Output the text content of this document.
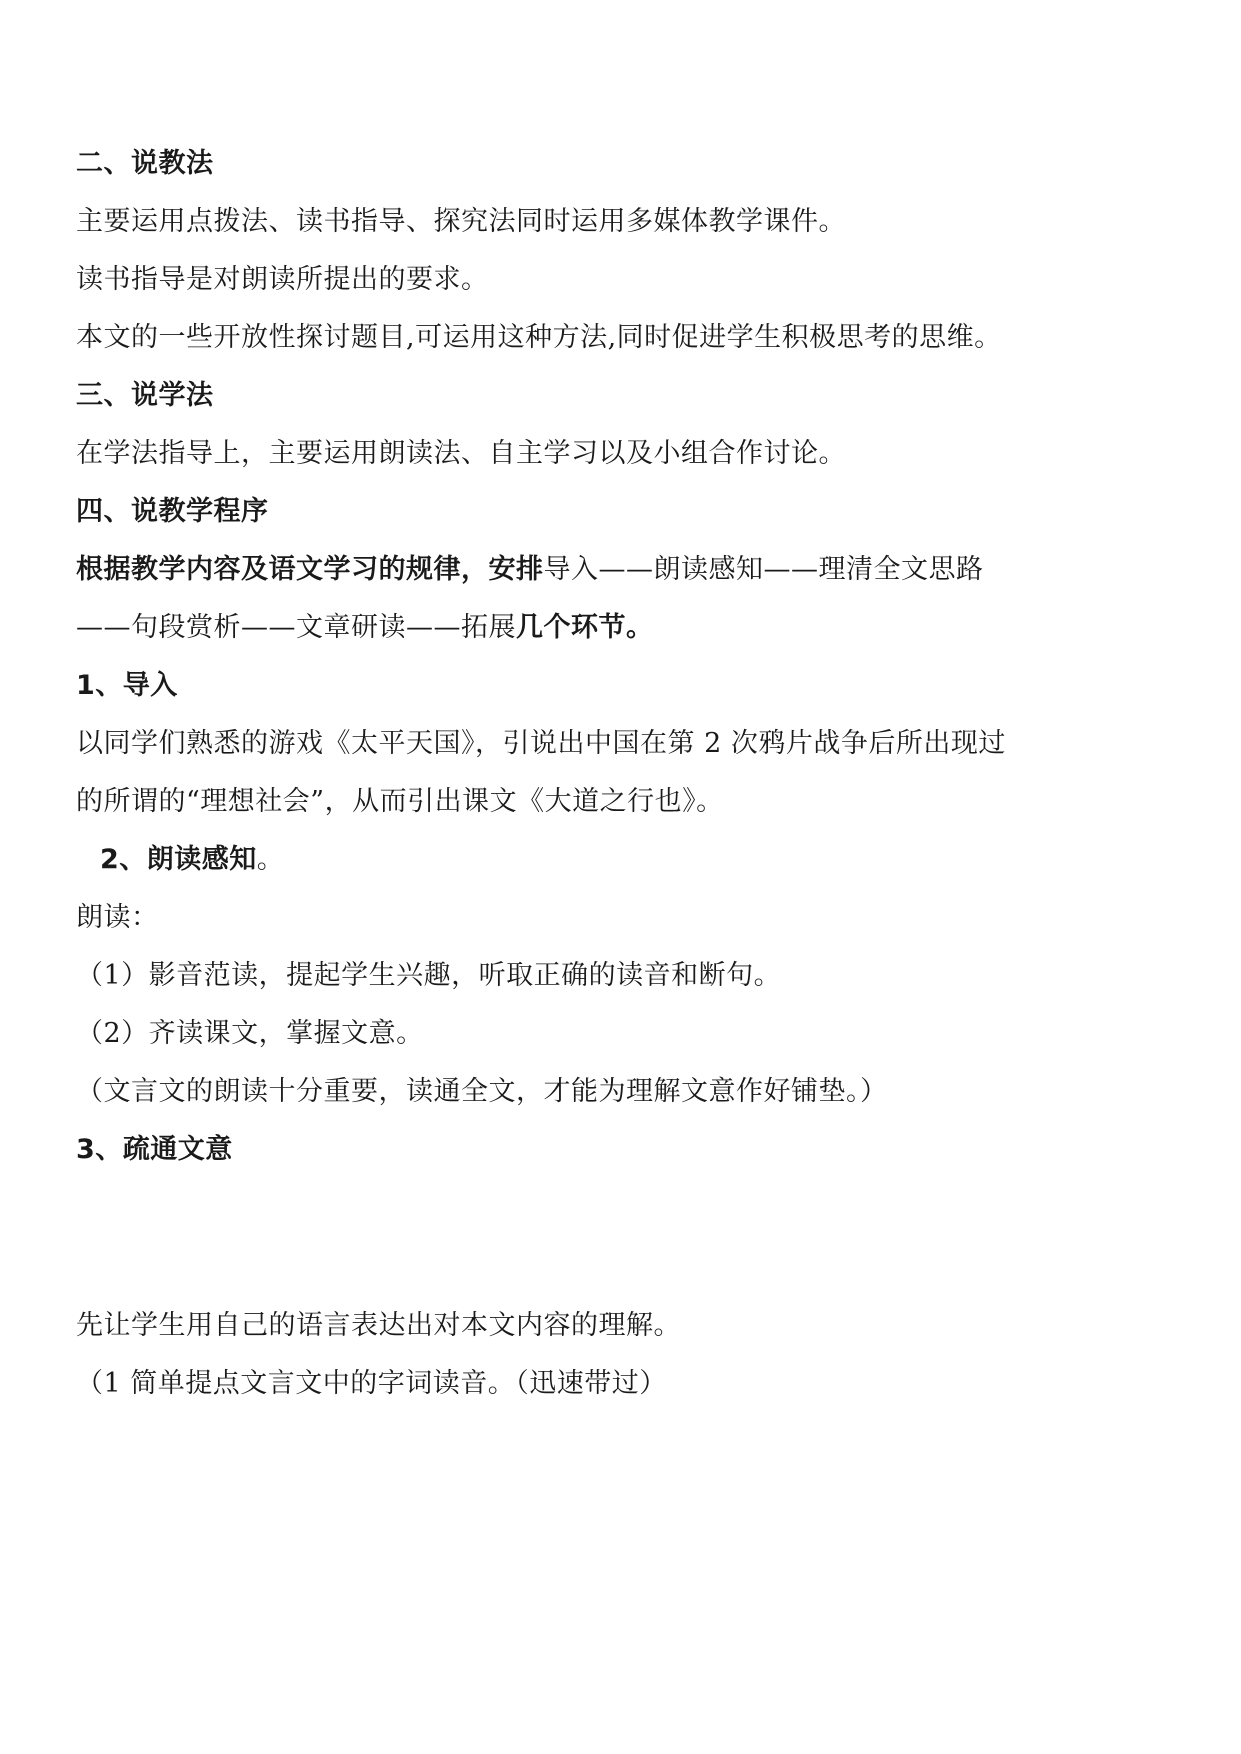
二、说教法
主要运用点拨法、读书指导、探究法同时运用多媒体教学课件。
读书指导是对朗读所提出的要求。
本文的一些开放性探讨题目,可运用这种方法,同时促进学生积极思考的思维。
三、说学法
在学法指导上，主要运用朗读法、自主学习以及小组合作讨论。
四、说教学程序
根据教学内容及语文学习的规律，安排导入——朗读感知——理清全文思路
——句段赏析——文章研读——拓展几个环节。
1、导入
以同学们熟悉的游戏《太平天国》，引说出中国在第 2 次鸦片战争后所出现过
的所谓的“理想社会”，从而引出课文《大道之行也》。
2、朗读感知。
朗读：
（1）影音范读，提起学生兴趣，听取正确的读音和断句。
（2）齐读课文，掌握文意。
（文言文的朗读十分重要，读通全文，才能为理解文意作好铺垫。）
3、疏通文意
先让学生用自己的语言表达出对本文内容的理解。
（1 简单提点文言文中的字词读音。（迅速带过）
